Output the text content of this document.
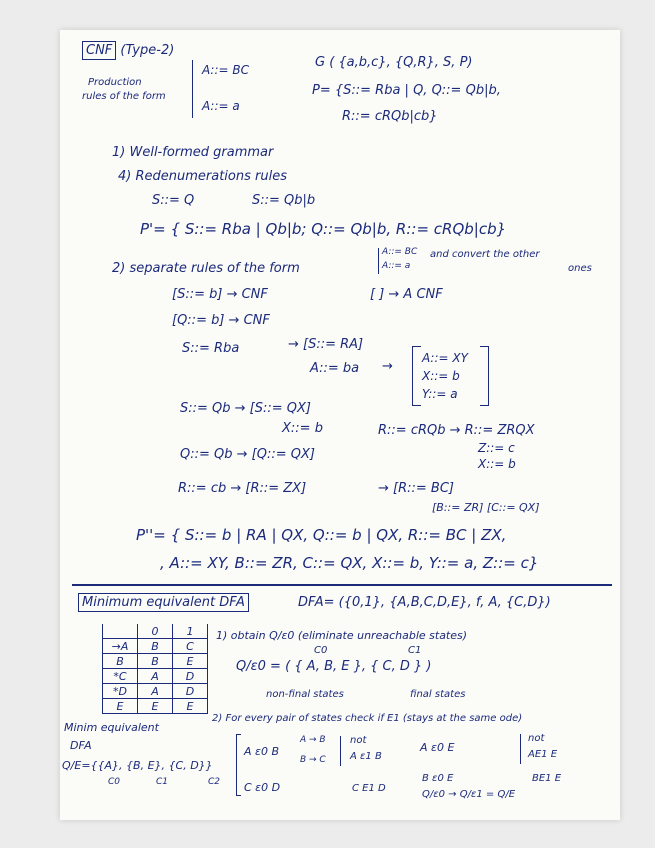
CNF (Type-2)
Production
rules of the form
A::= BC
A::= a
G ( {a,b,c}, {Q,R}, S, P)
P= {S::= Rba | Q, Q::= Qb|b,
R::= cRQb|cb}
1) Well-formed grammar
4) Redenumerations rules
S::= Q	S::= Qb|b
P'= { S::= Rba | Qb|b; Q::= Qb|b, R::= cRQb|cb}
2) separate rules of the form
A::= BC
A::= a
and convert the other
ones
[S::= b] → CNF
[Q::= b] → CNF
[ ] → A CNF
S::= Rba	→ [S::= RA]
A::= ba →
A::= XY
X::= b
Y::= a
S::= Qb → [S::= QX]
X::= b	R::= cRQb → R::= ZRQX
Z::= c
X::= b
Q::= Qb → [Q::= QX]
R::= cb → [R::= ZX]	→ [R::= BC]
[B::= ZR] [C::= QX]
P''= { S::= b | RA | QX, Q::= b | QX, R::= BC | ZX,
, A::= XY, B::= ZR, C::= QX, X::= b, Y::= a, Z::= c}
Minimum equivalent DFA	DFA= ({0,1}, {A,B,C,D,E}, f, A, {C,D})
	0	1
→A	B	C
B	B	E
*C	A	D
*D	A	D
E	E	E
1) obtain Q/ε0 (eliminate unreachable states)
C0	C1
Q/ε0 = ( { A, B, E }, { C, D } )
non-final states	final states
2) For every pair of states check if E1 (stays at the same ode)
Minim equivalent
DFA
Q/E={{A}, {B, E}, {C, D}}
C0	C1	C2
A ε0 B
A → B
B → C
not
A ε1 B
A ε0 E
not
AE1 E
C ε0 D	C E1 D
B ε0 E	BE1 E
Q/ε0 → Q/ε1 = Q/E
